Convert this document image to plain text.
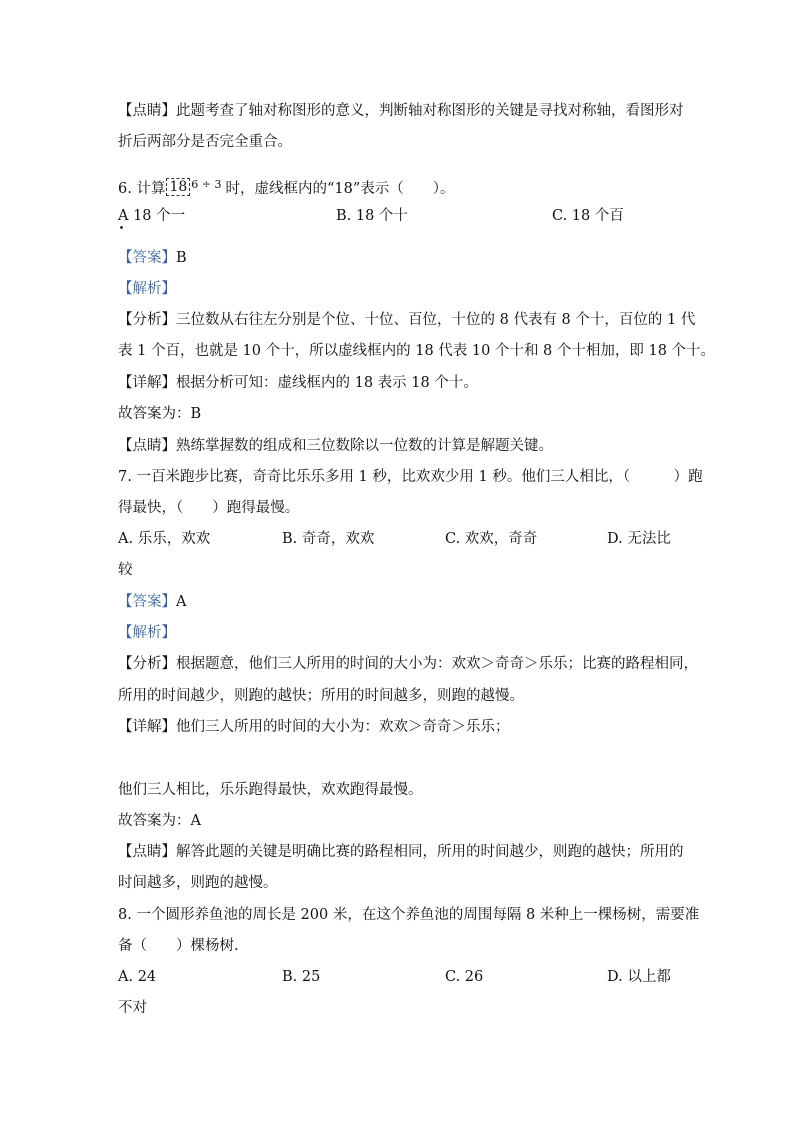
【点睛】此题考查了轴对称图形的意义，判断轴对称图形的关键是寻找对称轴，看图形对
折后两部分是否完全重合。
6. 计算 18 $^{6 \div 3}$ 时，虚线框内的“18”表示（　　）。
A 18 个一	B. 18 个十	C. 18 个百
【答案】B
【解析】
【分析】三位数从右往左分别是个位、十位、百位，十位的 8 代表有 8 个十，百位的 1 代
表 1 个百，也就是 10 个十，所以虚线框内的 18 代表 10 个十和 8 个十相加，即 18 个十。
【详解】根据分析可知：虚线框内的 18 表示 18 个十。
故答案为：B
【点睛】熟练掌握数的组成和三位数除以一位数的计算是解题关键。
7. 一百米跑步比赛，奇奇比乐乐多用 1 秒，比欢欢少用 1 秒。他们三人相比，（　　　）跑
得最快，（　　）跑得最慢。
A. 乐乐，欢欢	B. 奇奇，欢欢	C. 欢欢，奇奇	D. 无法比
较
【答案】A
【解析】
【分析】根据题意，他们三人所用的时间的大小为：欢欢＞奇奇＞乐乐；比赛的路程相同，
所用的时间越少，则跑的越快；所用的时间越多，则跑的越慢。
【详解】他们三人所用的时间的大小为：欢欢＞奇奇＞乐乐；
他们三人相比，乐乐跑得最快，欢欢跑得最慢。
故答案为：A
【点睛】解答此题的关键是明确比赛的路程相同，所用的时间越少，则跑的越快；所用的
时间越多，则跑的越慢。
8. 一个圆形养鱼池的周长是 200 米，在这个养鱼池的周围每隔 8 米种上一棵杨树，需要准
备（　　）棵杨树.
A. 24	B. 25	C. 26	D. 以上都
不对
